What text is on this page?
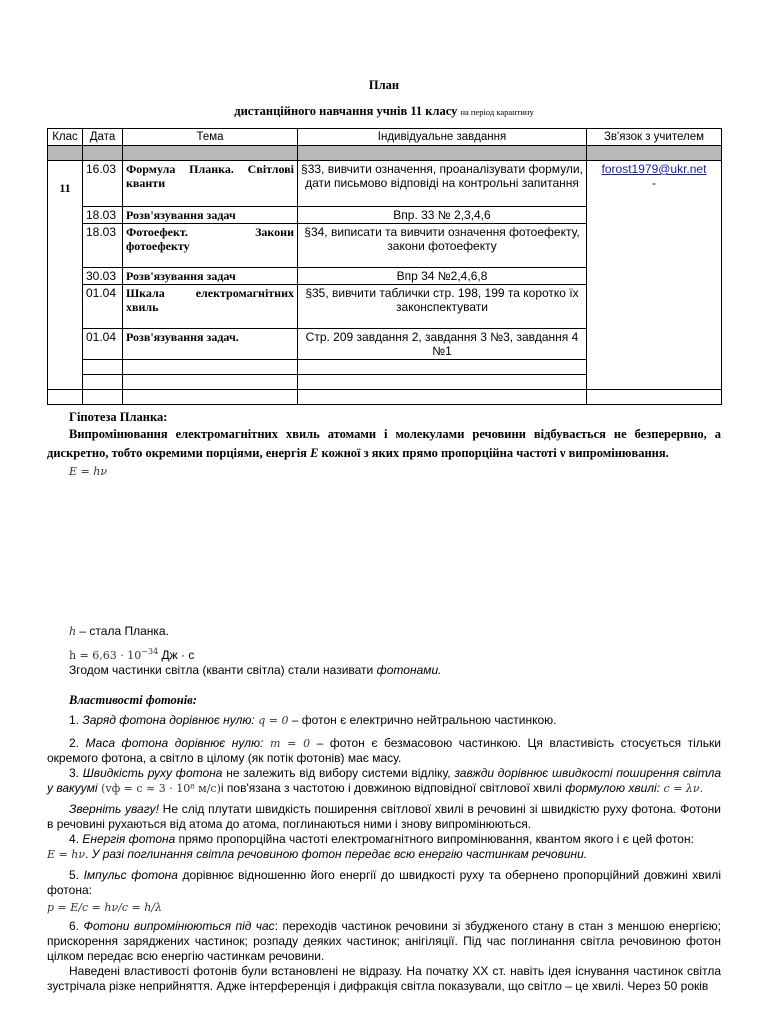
План
дистанційного навчання учнів 11 класу на період карантину
Клас	Дата	Тема	Індивідуальне завдання	Зв'язок з учителем

11	16.03	Формула Планка. Світлові кванти	§33, вивчити означення, проаналізувати формули, дати письмово відповіді на контрольні запитання	forost1979@ukr.net
-
	18.03	Розв'язування задач	Впр. 33 № 2,3,4,6	
	18.03	Фотоефект. Закони фотоефекту	§34, виписати та вивчити означення фотоефекту, закони фотоефекту	
	30.03	Розв'язування задач	Впр 34 №2,4,6,8	
	01.04	Шкала електромагнітних хвиль	§35, вивчити таблички стр. 198, 199 та коротко їх законспектувати	
	01.04	Розв'язування задач.	Стр. 209 завдання 2, завдання 3 №3, завдання 4 №1	

Гіпотеза Планка:
Випромінювання електромагнітних хвиль атомами і молекулами речовини відбувається не безперервно, а дискретно, тобто окремими порціями, енергія E кожної з яких прямо пропорційна частоті ν випромінювання.
E = hν
h – стала Планка.
$h = 6,63 \cdot 10^{-34}$ Дж · с
Згодом частинки світла (кванти світла) стали називати фотонами.
Властивості фотонів:
1. Заряд фотона дорівнює нулю: q = 0 – фотон є електрично нейтральною частинкою.
2. Маса фотона дорівнює нулю: m = 0 – фотон є безмасовою частинкою. Ця властивість стосується тільки окремого фотона, а світло в цілому (як потік фотонів) має масу.
3. Швидкість руху фотона не залежить від вибору системи відліку, завжди дорівнює швидкості поширення світла у вакуумі (vф = c ≈ 3 · 10⁸ м/с)і пов'язана з частотою і довжиною відповідної світлової хвилі формулою хвилі: c = λν.
Зверніть увагу! Не слід плутати швидкість поширення світлової хвилі в речовині зі швидкістю руху фотона. Фотони в речовині рухаються від атома до атома, поглинаються ними і знову випромінюються.
4. Енергія фотона прямо пропорційна частоті електромагнітного випромінювання, квантом якого і є цей фотон:
E = hν. У разі поглинання світла речовиною фотон передає всю енергію частинкам речовини.
5. Імпульс фотона дорівнює відношенню його енергії до швидкості руху та обернено пропорційний довжині хвилі фотона:
p = E/c = hν/c = h/λ
6. Фотони випромінюються під час: переходів частинок речовини зі збудженого стану в стан з меншою енергією; прискорення заряджених частинок; розпаду деяких частинок; анігіляції. Під час поглинання світла речовиною фотон цілком передає всю енергію частинкам речовини.
Наведені властивості фотонів були встановлені не відразу. На початку ХХ ст. навіть ідея існування частинок світла зустрічала різке неприйняття. Адже інтерференція і дифракція світла показували, що світло – це хвилі. Через 50 років
